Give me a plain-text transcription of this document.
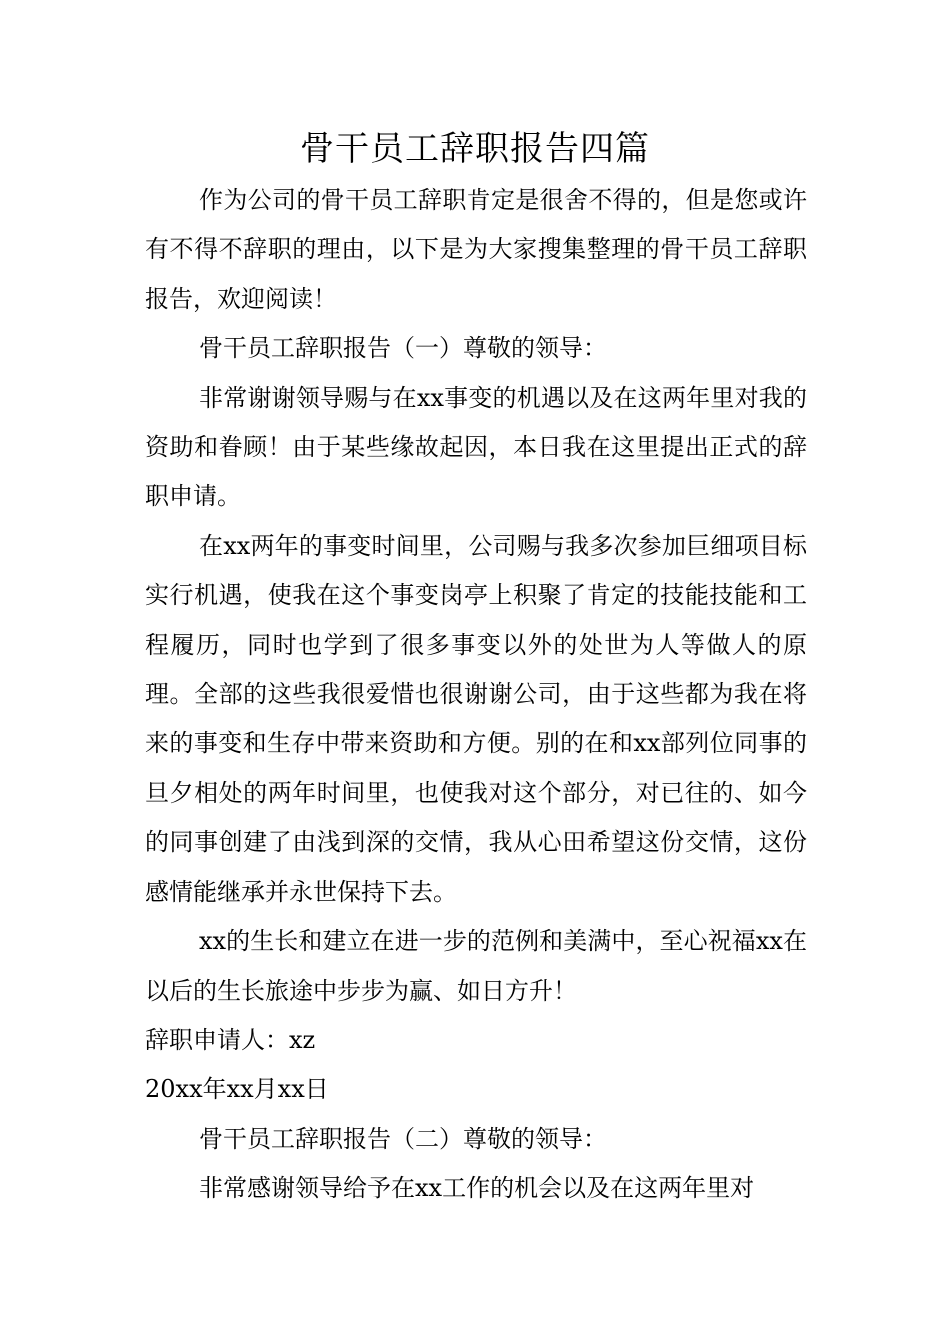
骨干员工辞职报告四篇

作为公司的骨干员工辞职肯定是很舍不得的，但是您或许有不得不辞职的理由，以下是为大家搜集整理的骨干员工辞职报告，欢迎阅读！

骨干员工辞职报告（一）尊敬的领导：

非常谢谢领导赐与在xx事变的机遇以及在这两年里对我的资助和眷顾！由于某些缘故起因，本日我在这里提出正式的辞职申请。

在xx两年的事变时间里，公司赐与我多次参加巨细项目标实行机遇，使我在这个事变岗亭上积聚了肯定的技能技能和工程履历，同时也学到了很多事变以外的处世为人等做人的原理。全部的这些我很爱惜也很谢谢公司，由于这些都为我在将来的事变和生存中带来资助和方便。别的在和xx部列位同事的旦夕相处的两年时间里，也使我对这个部分，对已往的、如今的同事创建了由浅到深的交情，我从心田希望这份交情，这份感情能继承并永世保持下去。

xx的生长和建立在进一步的范例和美满中，至心祝福xx在以后的生长旅途中步步为赢、如日方升！

辞职申请人：xz

20xx年xx月xx日

骨干员工辞职报告（二）尊敬的领导：

非常感谢领导给予在xx工作的机会以及在这两年里对
